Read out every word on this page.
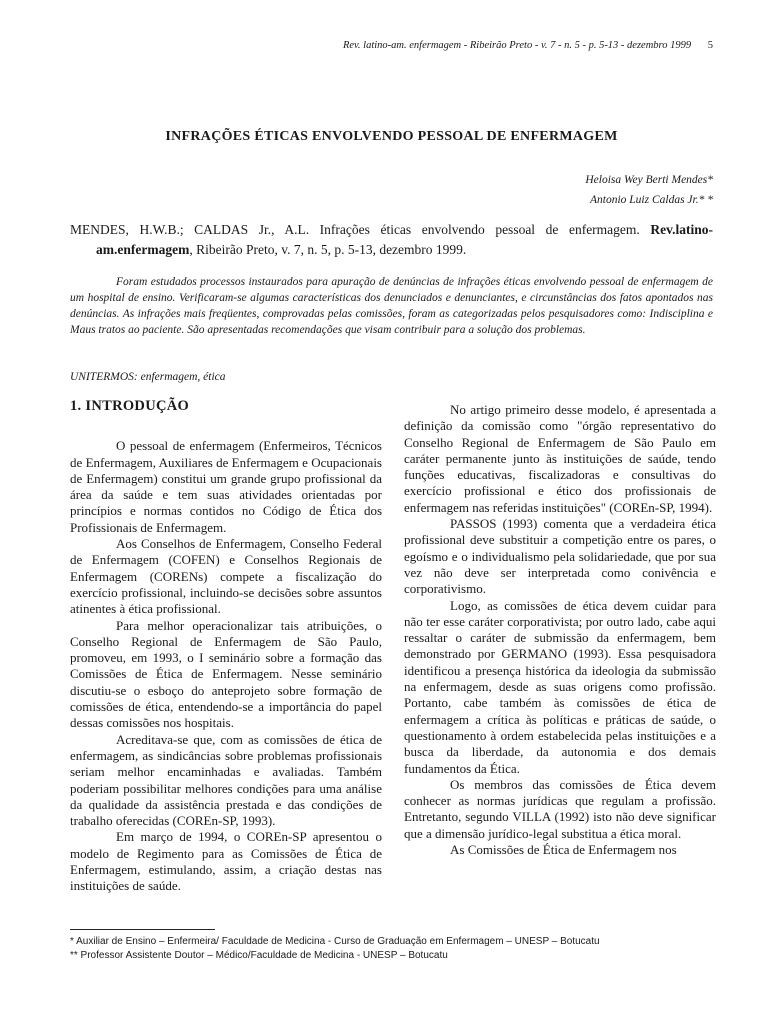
Rev. latino-am. enfermagem - Ribeirão Preto - v. 7 - n. 5 - p. 5-13 - dezembro 1999 5
INFRAÇÕES ÉTICAS ENVOLVENDO PESSOAL DE ENFERMAGEM
Heloisa Wey Berti Mendes*
Antonio Luiz Caldas Jr.* *
MENDES, H.W.B.; CALDAS Jr., A.L. Infrações éticas envolvendo pessoal de enfermagem. Rev.latino-am.enfermagem, Ribeirão Preto, v. 7, n. 5, p. 5-13, dezembro 1999.

Foram estudados processos instaurados para apuração de denúncias de infrações éticas envolvendo pessoal de enfermagem de um hospital de ensino. Verificaram-se algumas características dos denunciados e denunciantes, e circunstâncias dos fatos apontados nas denúncias. As infrações mais freqüentes, comprovadas pelas comissões, foram as categorizadas pelos pesquisadores como: Indisciplina e Maus tratos ao paciente. São apresentadas recomendações que visam contribuir para a solução dos problemas.

UNITERMOS: enfermagem, ética
1. INTRODUÇÃO

O pessoal de enfermagem (Enfermeiros, Técnicos de Enfermagem, Auxiliares de Enfermagem e Ocupacionais de Enfermagem) constitui um grande grupo profissional da área da saúde e tem suas atividades orientadas por princípios e normas contidos no Código de Ética dos Profissionais de Enfermagem.

Aos Conselhos de Enfermagem, Conselho Federal de Enfermagem (COFEN) e Conselhos Regionais de Enfermagem (CORENs) compete a fiscalização do exercício profissional, incluindo-se decisões sobre assuntos atinentes à ética profissional.

Para melhor operacionalizar tais atribuições, o Conselho Regional de Enfermagem de São Paulo, promoveu, em 1993, o I seminário sobre a formação das Comissões de Ética de Enfermagem. Nesse seminário discutiu-se o esboço do anteprojeto sobre formação de comissões de ética, entendendo-se a importância do papel dessas comissões nos hospitais.

Acreditava-se que, com as comissões de ética de enfermagem, as sindicâncias sobre problemas profissionais seriam melhor encaminhadas e avaliadas. Também poderiam possibilitar melhores condições para uma análise da qualidade da assistência prestada e das condições de trabalho oferecidas (COREn-SP, 1993).

Em março de 1994, o COREn-SP apresentou o modelo de Regimento para as Comissões de Ética de Enfermagem, estimulando, assim, a criação destas nas instituições de saúde.

No artigo primeiro desse modelo, é apresentada a definição da comissão como "órgão representativo do Conselho Regional de Enfermagem de São Paulo em caráter permanente junto às instituições de saúde, tendo funções educativas, fiscalizadoras e consultivas do exercício profissional e ético dos profissionais de enfermagem nas referidas instituições" (COREn-SP, 1994).

PASSOS (1993) comenta que a verdadeira ética profissional deve substituir a competição entre os pares, o egoísmo e o individualismo pela solidariedade, que por sua vez não deve ser interpretada como conivência e corporativismo.

Logo, as comissões de ética devem cuidar para não ter esse caráter corporativista; por outro lado, cabe aqui ressaltar o caráter de submissão da enfermagem, bem demonstrado por GERMANO (1993). Essa pesquisadora identificou a presença histórica da ideologia da submissão na enfermagem, desde as suas origens como profissão. Portanto, cabe também às comissões de ética de enfermagem a crítica às políticas e práticas de saúde, o questionamento à ordem estabelecida pelas instituições e a busca da liberdade, da autonomia e dos demais fundamentos da Ética.

Os membros das comissões de Ética devem conhecer as normas jurídicas que regulam a profissão. Entretanto, segundo VILLA (1992) isto não deve significar que a dimensão jurídico-legal substitua a ética moral.

As Comissões de Ética de Enfermagem nos

* Auxiliar de Ensino – Enfermeira/ Faculdade de Medicina - Curso de Graduação em Enfermagem – UNESP – Botucatu
** Professor Assistente Doutor – Médico/Faculdade de Medicina - UNESP – Botucatu
